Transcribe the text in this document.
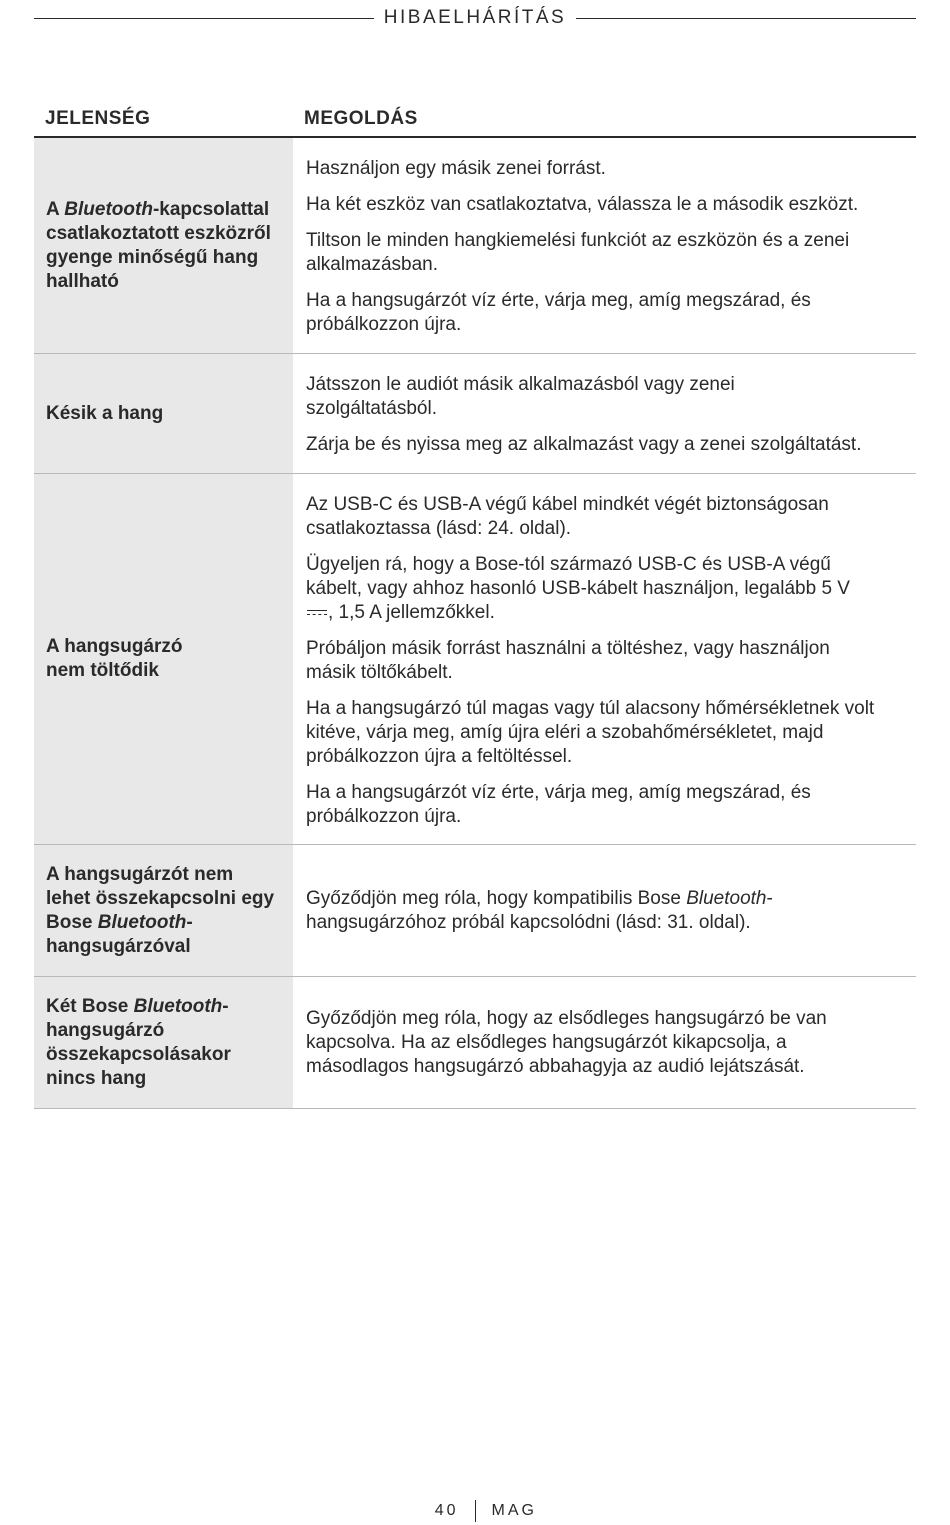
HIBAELHÁRÍTÁS
JELENSÉG	MEGOLDÁS
A Bluetooth-kapcsolattal csatlakoztatott eszközről gyenge minőségű hang hallható

Használjon egy másik zenei forrást.

Ha két eszköz van csatlakoztatva, válassza le a második eszközt.

Tiltson le minden hangkiemelési funkciót az eszközön és a zenei alkalmazásban.

Ha a hangsugárzót víz érte, várja meg, amíg megszárad, és próbálkozzon újra.

Késik a hang

Játsszon le audiót másik alkalmazásból vagy zenei szolgáltatásból.

Zárja be és nyissa meg az alkalmazást vagy a zenei szolgáltatást.

A hangsugárzó nem töltődik

Az USB-C és USB-A végű kábel mindkét végét biztonságosan csatlakoztassa (lásd: 24. oldal).

Ügyeljen rá, hogy a Bose-tól származó USB-C és USB-A végű kábelt, vagy ahhoz hasonló USB-kábelt használjon, legalább 5 V , 1,5 A jellemzőkkel.

Próbáljon másik forrást használni a töltéshez, vagy használjon másik töltőkábelt.

Ha a hangsugárzó túl magas vagy túl alacsony hőmérsékletnek volt kitéve, várja meg, amíg újra eléri a szobahőmérsékletet, majd próbálkozzon újra a feltöltéssel.

Ha a hangsugárzót víz érte, várja meg, amíg megszárad, és próbálkozzon újra.

A hangsugárzót nem lehet összekapcsolni egy Bose Bluetooth-hangsugárzóval

Győződjön meg róla, hogy kompatibilis Bose Bluetooth-hangsugárzóhoz próbál kapcsolódni (lásd: 31. oldal).

Két Bose Bluetooth-hangsugárzó összekapcsolásakor nincs hang

Győződjön meg róla, hogy az elsődleges hangsugárzó be van kapcsolva. Ha az elsődleges hangsugárzót kikapcsolja, a másodlagos hangsugárzó abbahagyja az audió lejátszását.

40 MAG
